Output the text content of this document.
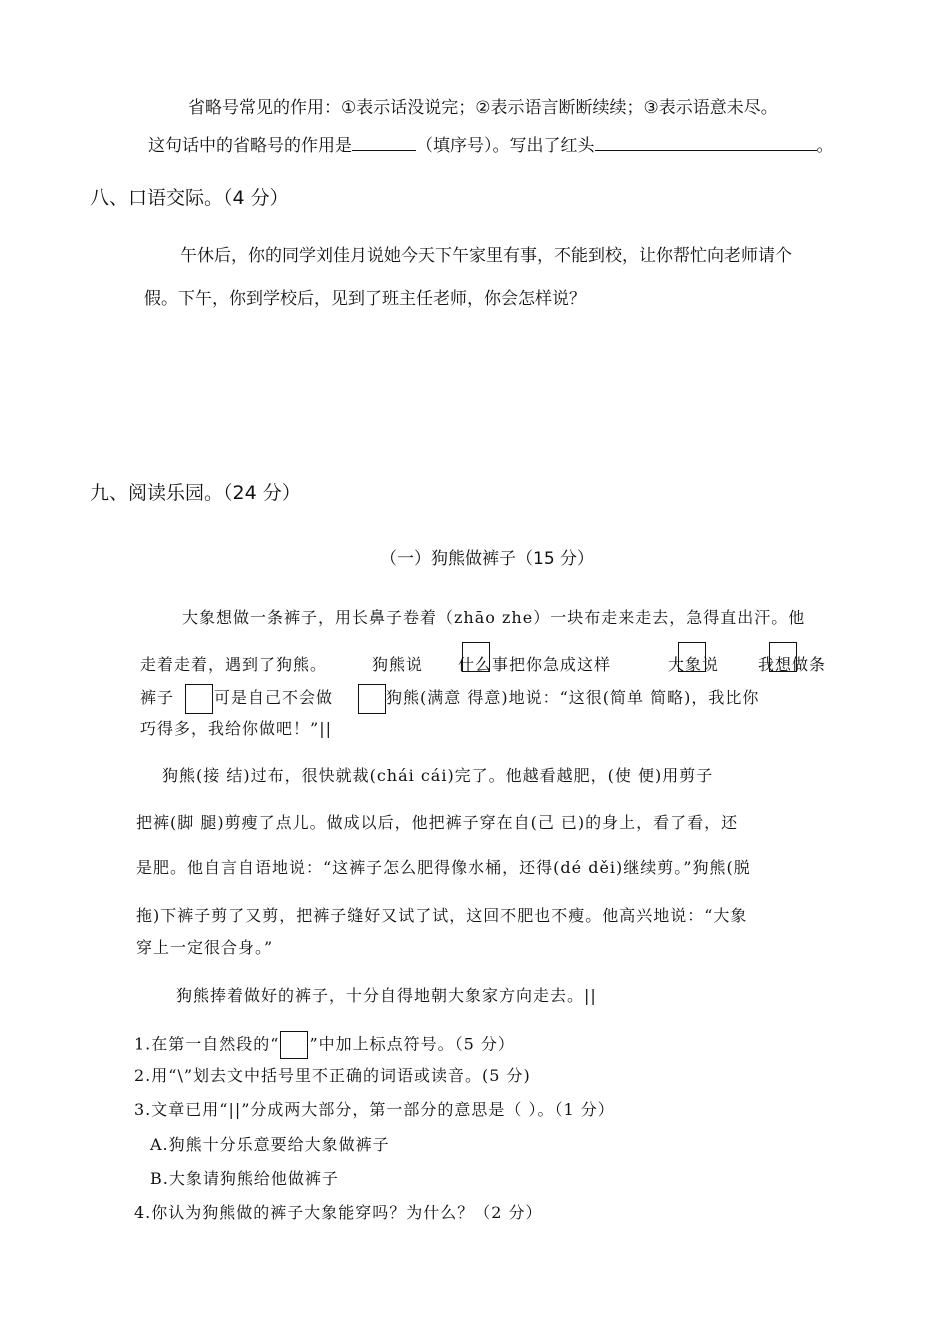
省略号常见的作用：①表示话没说完；②表示语言断断续续；③表示语意未尽。
这句话中的省略号的作用是	（填序号）。写出了红头	。
八、口语交际。（4 分）
午休后，你的同学刘佳月说她今天下午家里有事，不能到校，让你帮忙向老师请个
假。下午，你到学校后，见到了班主任老师，你会怎样说？
九、阅读乐园。（24 分）
（一）狗熊做裤子（15 分）
大象想做一条裤子，用长鼻子卷着（zhāo zhe）一块布走来走去，急得直出汗。他
走着走着，遇到了狗熊。	狗熊说 什么事把你急成这样	大象说 我想做条
裤子 可是自己不会做	狗熊(满意 得意)地说：“这很(简单 简略)，我比你
巧得多，我给你做吧！”||
狗熊(接 结)过布，很快就裁(chái cái)完了。他越看越肥，(使 便)用剪子
把裤(脚 腿)剪瘦了点儿。做成以后，他把裤子穿在自(己 已)的身上，看了看，还
是肥。他自言自语地说：“这裤子怎么肥得像水桶，还得(dé děi)继续剪。”狗熊(脱
拖)下裤子剪了又剪，把裤子缝好又试了试，这回不肥也不瘦。他高兴地说：“大象
穿上一定很合身。”
狗熊捧着做好的裤子，十分自得地朝大象家方向走去。||
1.在第一自然段的“ ”中加上标点符号。（5 分）
2.用“\”划去文中括号里不正确的词语或读音。(5 分)
3.文章已用“||”分成两大部分，第一部分的意思是（ ）。（1 分）
A.狗熊十分乐意要给大象做裤子
B.大象请狗熊给他做裤子
4.你认为狗熊做的裤子大象能穿吗？为什么？（2 分）
